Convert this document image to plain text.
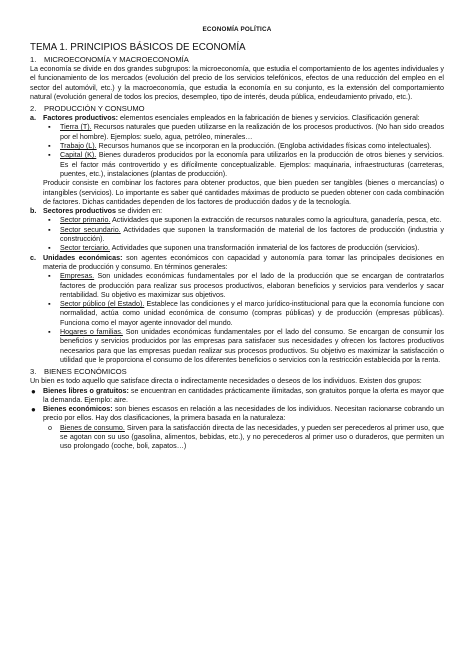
ECONOMÍA POLÍTICA
TEMA 1. PRINCIPIOS BÁSICOS DE ECONOMÍA
1. MICROECONOMÍA Y MACROECONOMÍA

La economía se divide en dos grandes subgrupos: la microeconomía, que estudia el comportamiento de los agentes individuales y el funcionamiento de los mercados (evolución del precio de los servicios telefónicos, efectos de una reducción del empleo en el sector del automóvil, etc.) y la macroeconomía, que estudia la economía en su conjunto, es la extensión del comportamiento natural (evolución general de todos los precios, desempleo, tipo de interés, deuda pública, endeudamiento privado, etc.).

2. PRODUCCIÓN Y CONSUMO
a. Factores productivos: elementos esenciales empleados en la fabricación de bienes y servicios. Clasificación general:
▪ Tierra (T). Recursos naturales que pueden utilizarse en la realización de los procesos productivos. (No han sido creados por el hombre). Ejemplos: suelo, agua, petróleo, minerales…
▪ Trabajo (L). Recursos humanos que se incorporan en la producción. (Engloba actividades físicas como intelectuales).
▪ Capital (K). Bienes duraderos producidos por la economía para utilizarlos en la producción de otros bienes y servicios. Es el factor más controvertido y es difícilmente conceptualizable. Ejemplos: maquinaria, infraestructuras (carreteras, puentes, etc.), instalaciones (plantas de producción).

Producir consiste en combinar los factores para obtener productos, que bien pueden ser tangibles (bienes o mercancías) o intangibles (servicios). Lo importante es saber qué cantidades máximas de producto se pueden obtener con cada combinación de factores. Dichas cantidades dependen de los factores de producción dados y de la tecnología.

b. Sectores productivos se dividen en:
▪ Sector primario. Actividades que suponen la extracción de recursos naturales como la agricultura, ganadería, pesca, etc.
▪ Sector secundario. Actividades que suponen la transformación de material de los factores de producción (industria y construcción).
▪ Sector terciario. Actividades que suponen una transformación inmaterial de los factores de producción (servicios).
c. Unidades económicas: son agentes económicos con capacidad y autonomía para tomar las principales decisiones en materia de producción y consumo. En términos generales:
▪ Empresas. Son unidades económicas fundamentales por el lado de la producción que se encargan de contratarlos factores de producción para realizar sus procesos productivos, elaboran beneficios y servicios para venderlos y sacar rentabilidad. Su objetivo es maximizar sus objetivos.
▪ Sector público (el Estado). Establece las condiciones y el marco jurídico-institucional para que la economía funcione con normalidad, actúa como unidad económica de consumo (compras públicas) y de producción (empresas públicas). Funciona como el mayor agente innovador del mundo.
▪ Hogares o familias. Son unidades económicas fundamentales por el lado del consumo. Se encargan de consumir los beneficios y servicios producidos por las empresas para satisfacer sus necesidades y ofrecen los factores productivos necesarios para que las empresas puedan realizar sus procesos productivos. Su objetivo es maximizar la satisfacción o utilidad que le proporciona el consumo de los diferentes beneficios o servicios con la restricción establecida por la renta.
3. BIENES ECONÓMICOS

Un bien es todo aquello que satisface directa o indirectamente necesidades o deseos de los individuos. Existen dos grupos:

● Bienes libres o gratuitos: se encuentran en cantidades prácticamente ilimitadas, son gratuitos porque la oferta es mayor que la demanda. Ejemplo: aire.
● Bienes económicos: son bienes escasos en relación a las necesidades de los individuos. Necesitan racionarse cobrando un precio por ellos. Hay dos clasificaciones, la primera basada en la naturaleza:
o Bienes de consumo. Sirven para la satisfacción directa de las necesidades, y pueden ser perecederos al primer uso, que se agotan con su uso (gasolina, alimentos, bebidas, etc.), y no perecederos al primer uso o duraderos, que permiten un uso prolongado (coche, boli, zapatos…)
